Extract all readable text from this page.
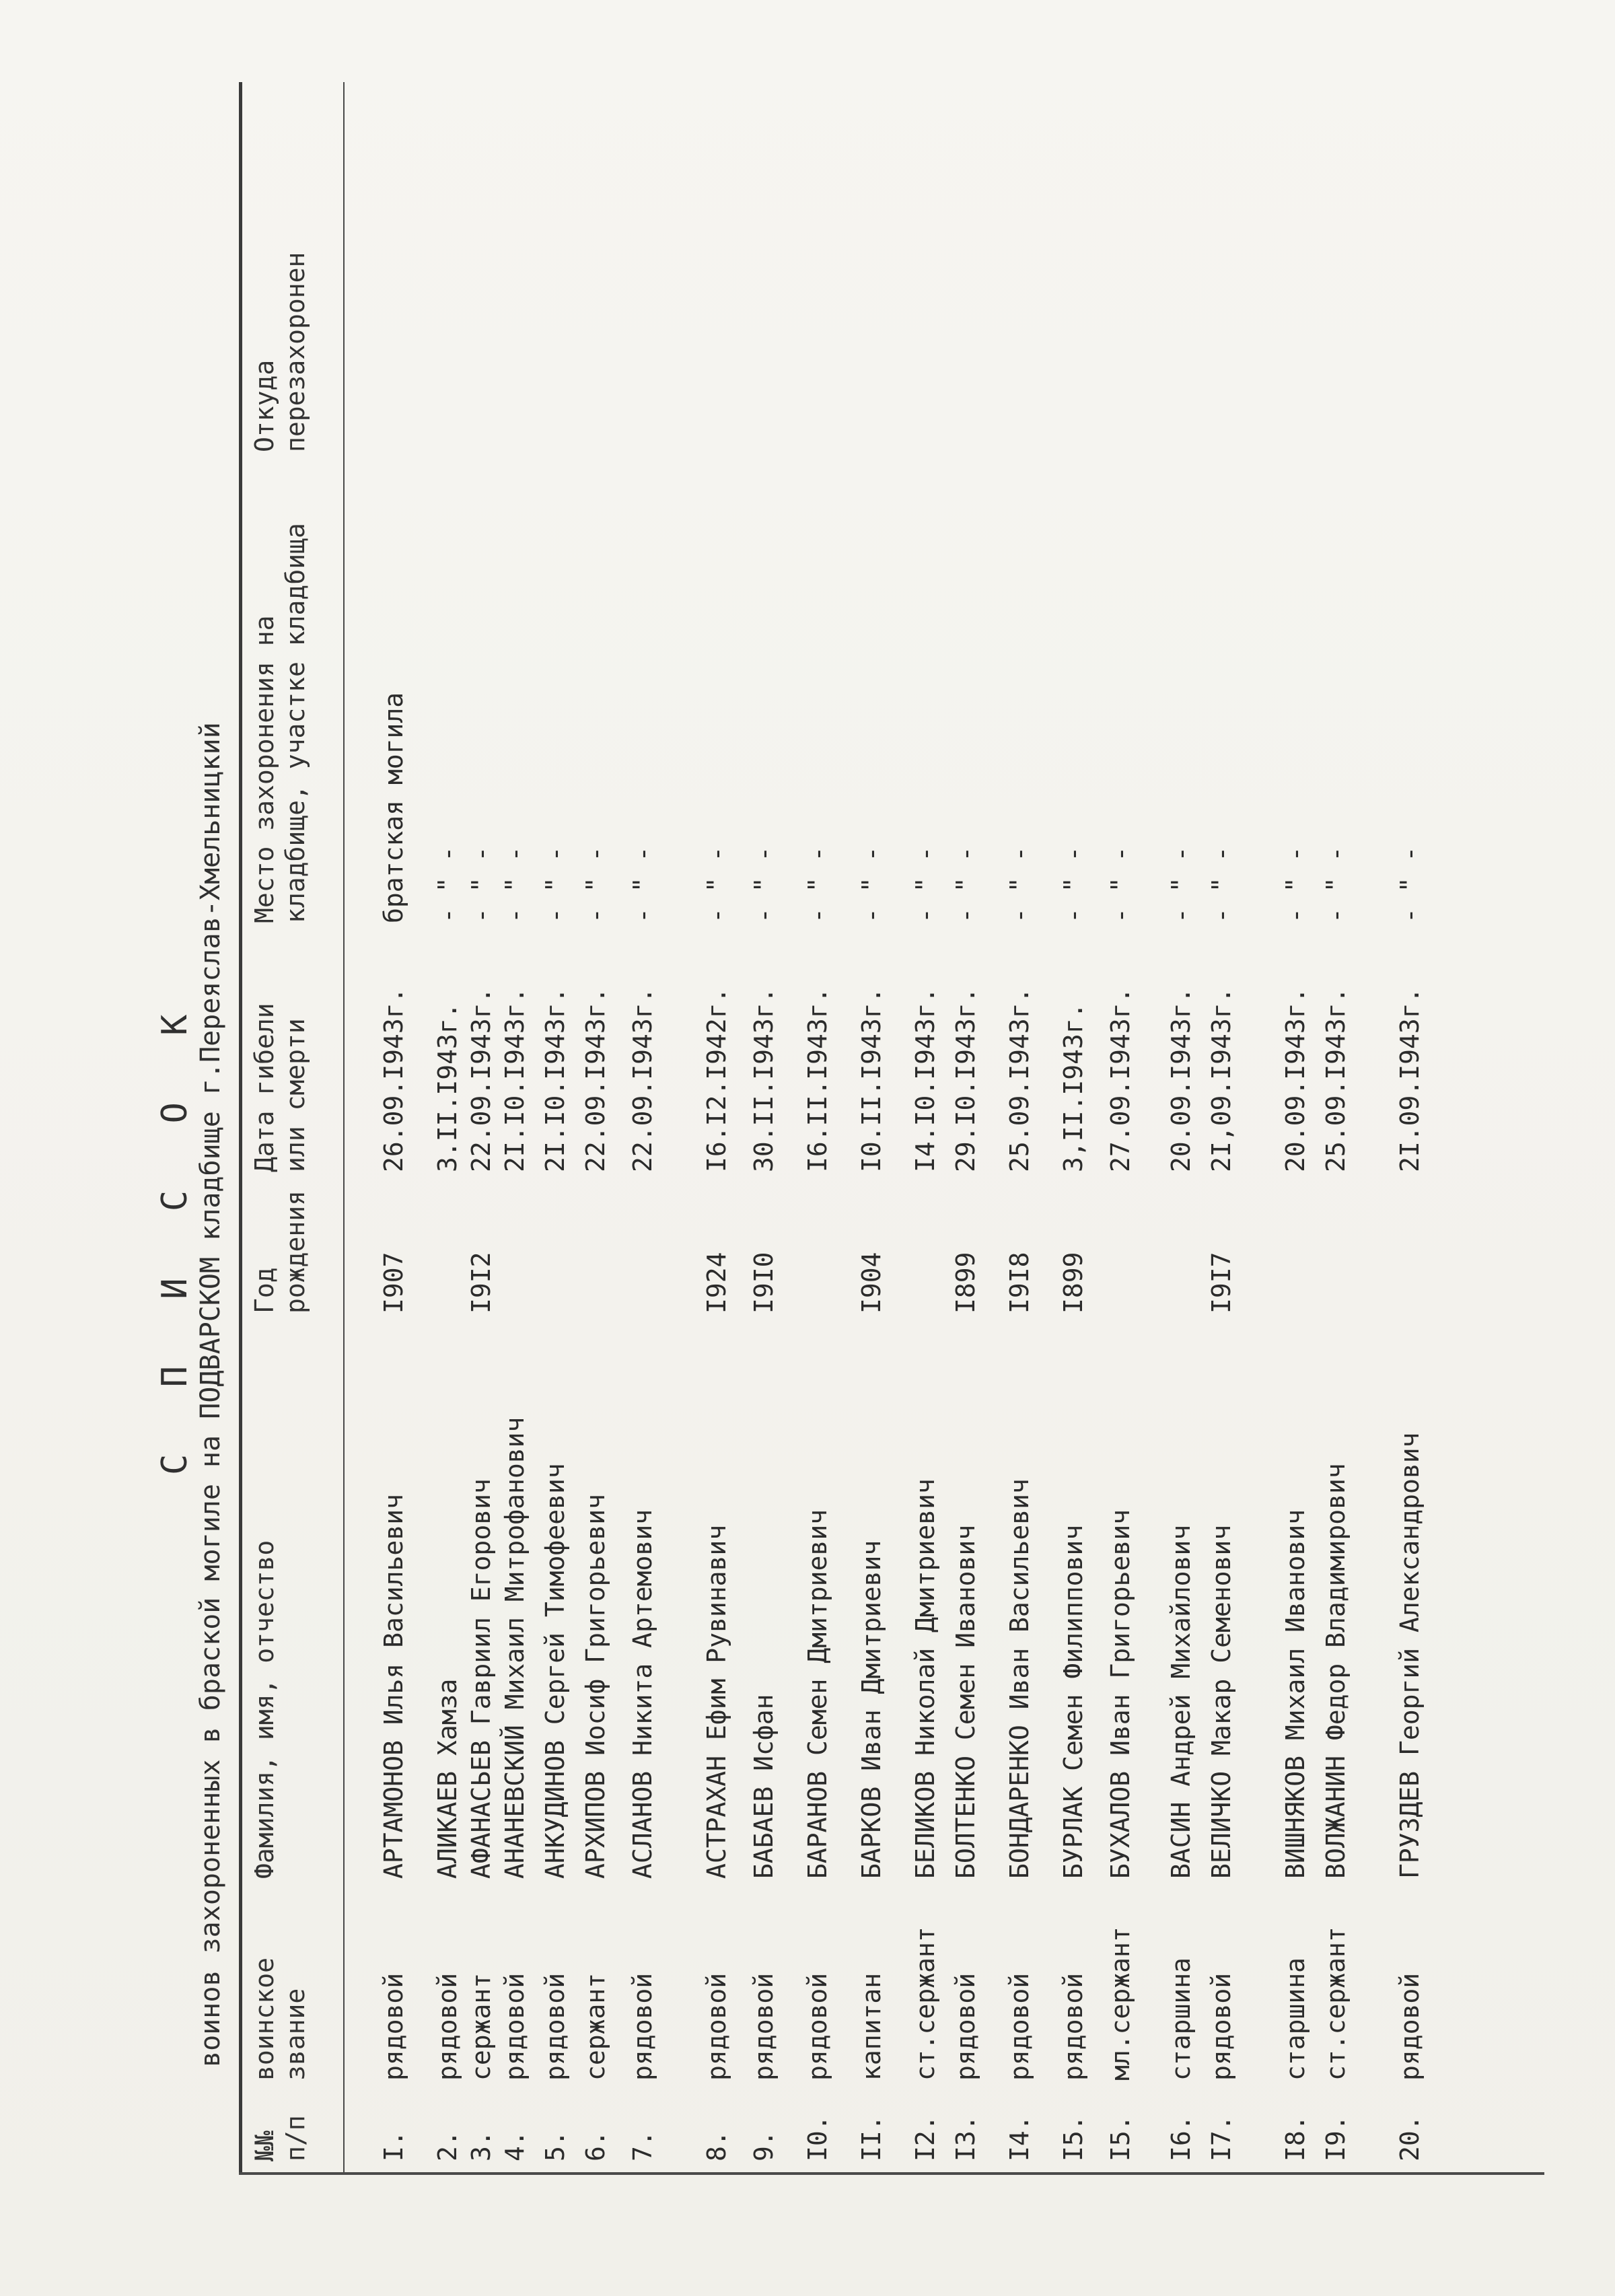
С П И С О К воинов захороненных в браской могиле на ПОДВАРСКОМ кладбище г.Переяслав-Хмельницкий
№№ п/п
воинское звание
Фамилия, имя, отчество
Год рождения
Дата гибели или смерти
Место захоронения на кладбище, участке кладбища
Откуда перезахоронен
I.
рядовой
АРТАМОНОВ Илья Васильевич
I907
26.09.I943г.
братская могила
2.
рядовой
АЛИКАЕВ Хамза
3.II.I943г.
- " -
3.
сержант
АФАНАСЬЕВ Гавриил Егорович
I9I2
22.09.I943г.
- " -
4.
рядовой
АНАНЕВСКИЙ Михаил Митрофанович
2I.I0.I943г.
- " -
5.
рядовой
АНКУДИНОВ Сергей Тимофеевич
2I.I0.I943г.
- " -
6.
сержант
АРХИПОВ Иосиф Григорьевич
22.09.I943г.
- " -
7.
рядовой
АСЛАНОВ Никита Артемович
22.09.I943г.
- " -
8.
рядовой
АСТРАХАН Ефим Рувинавич
I924
I6.I2.I942г.
- " -
9.
рядовой
БАБАЕВ Исфан
I9I0
30.II.I943г.
- " -
I0.
рядовой
БАРАНОВ Семен Дмитриевич
I6.II.I943г.
- " -
II.
капитан
БАРКОВ Иван Дмитриевич
I904
I0.II.I943г.
- " -
I2.
ст.сержант
БЕЛИКОВ Николай Дмитриевич
I4.I0.I943г.
- " -
I3.
рядовой
БОЛТЕНКО Семен Иванович
I899
29.I0.I943г.
- " -
I4.
рядовой
БОНДАРЕНКО Иван Васильевич
I9I8
25.09.I943г.
- " -
I5.
рядовой
БУРЛАК Семен Филиппович
I899
3,II.I943г.
- " -
I5.
мл.сержант
БУХАЛОВ Иван Григорьевич
27.09.I943г.
- " -
I6.
старшина
ВАСИН Андрей Михайлович
20.09.I943г.
- " -
I7.
рядовой
ВЕЛИЧКО Макар Семенович
I9I7
2I,09.I943г.
- " -
I8.
старшина
ВИШНЯКОВ Михаил Иванович
20.09.I943г.
- " -
I9.
ст.сержант
ВОЛЖАНИН Федор Владимирович
25.09.I943г.
- " -
20.
рядовой
ГРУЗДЕВ Георгий Александрович
2I.09.I943г.
- " -
